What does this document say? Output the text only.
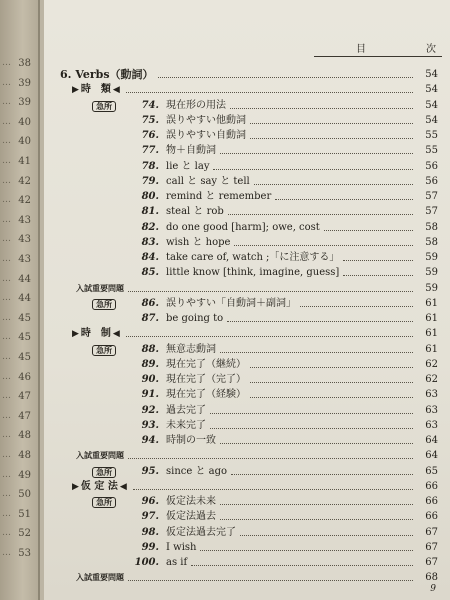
… 38
… 39
… 39
… 40
… 40
… 41
… 42
… 42
… 43
… 43
… 43
… 44
… 44
… 45
… 45
… 45
… 46
… 47
… 47
… 48
… 48
… 49
… 50
… 51
… 52
… 53
目	次
6. Verbs（動詞）	54
▶ 時　類 ◀	54
急所	74. 現在形の用法	54
75. 誤りやすい他動詞	54
76. 誤りやすい自動詞	55
77. 物＋自動詞	55
78. lie と lay	56
79. call と say と tell	56
80. remind と remember	57
81. steal と rob	57
82. do one good [harm]; owe, cost	58
83. wish と hope	58
84. take care of, watch ;「に注意する」	59
85. little know [think, imagine, guess]	59
入試重要問題	59
急所	86. 誤りやすい「自動詞＋副詞」	61
87. be going to	61
▶ 時　制 ◀	61
急所	88. 無意志動詞	61
89. 現在完了（継続）	62
90. 現在完了（完了）	62
91. 現在完了（経験）	63
92. 過去完了	63
93. 未来完了	63
94. 時制の一致	64
入試重要問題	64
急所	95. since と ago	65
▶ 仮 定 法 ◀	66
急所	96. 仮定法未来	66
97. 仮定法過去	66
98. 仮定法過去完了	67
99. I wish	67
100. as if	67
入試重要問題	68
9
